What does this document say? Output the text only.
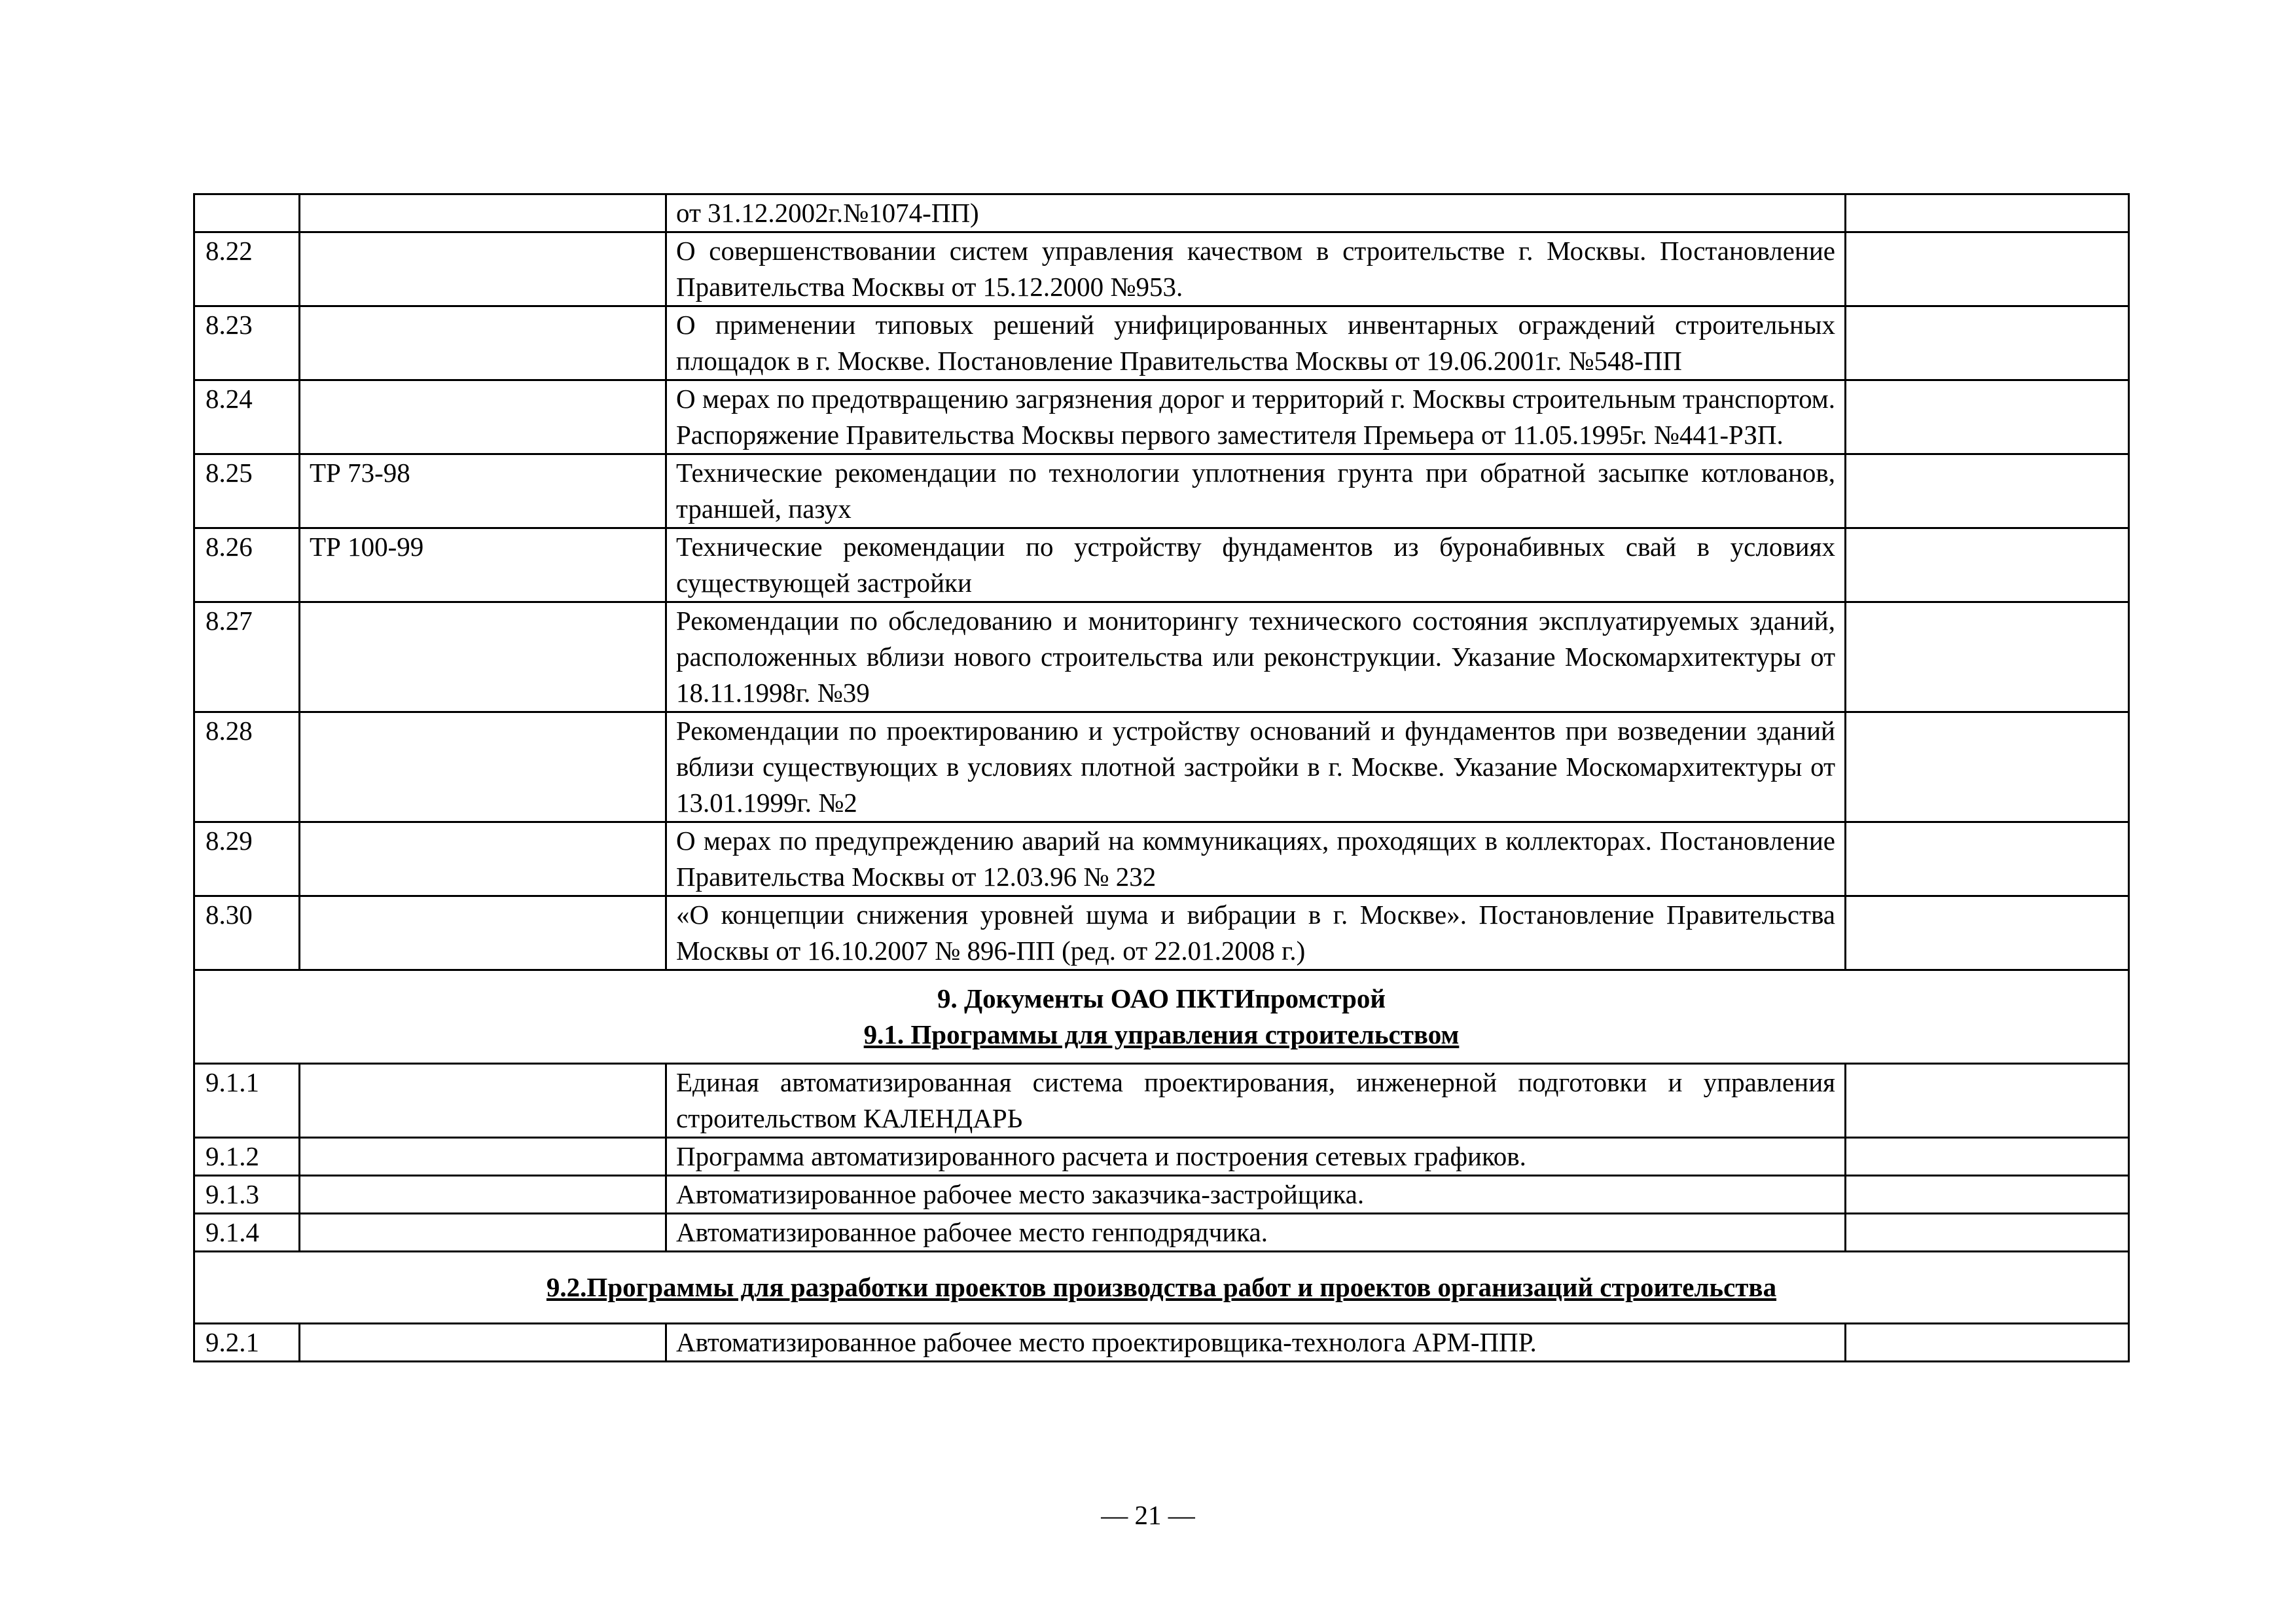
		от 31.12.2002г.№1074-ПП)	
8.22		О совершенствовании систем управления качеством в строительстве г. Москвы. Постановление Правительства Москвы от 15.12.2000 №953.	
8.23		О применении типовых решений унифицированных инвентарных ограждений строительных площадок в г. Москве. Постановление Правительства Москвы от 19.06.2001г. №548-ПП	
8.24		О мерах по предотвращению загрязнения дорог и территорий г. Москвы строительным транспортом. Распоряжение Правительства Москвы первого заместителя Премьера от 11.05.1995г. №441-РЗП.	
8.25	ТР 73-98	Технические рекомендации по технологии уплотнения грунта при обратной засыпке котлованов, траншей, пазух	
8.26	ТР 100-99	Технические рекомендации по устройству фундаментов из буронабивных свай в условиях существующей застройки	
8.27		Рекомендации по обследованию и мониторингу технического состояния эксплуатируемых зданий, расположенных вблизи нового строительства или реконструкции. Указание Москомархитектуры от 18.11.1998г. №39	
8.28		Рекомендации по проектированию и устройству оснований и фундаментов при возведении зданий вблизи существующих в условиях плотной застройки в г. Москве. Указание Москомархитектуры от 13.01.1999г. №2	
8.29		О мерах по предупреждению аварий на коммуникациях, проходящих в коллекторах. Постановление Правительства Москвы от 12.03.96 № 232	
8.30		«О концепции снижения уровней шума и вибрации в г. Москве». Постановление Правительства Москвы от 16.10.2007 № 896-ПП (ред. от 22.01.2008 г.)	

9. Документы ОАО ПКТИпромстрой
9.1. Программы для управления строительством			

9.1.1		Единая автоматизированная система проектирования, инженерной подготовки и управления строительством КАЛЕНДАРЬ	
9.1.2		Программа автоматизированного расчета и построения сетевых графиков.	
9.1.3		Автоматизированное рабочее место заказчика-застройщика.	
9.1.4		Автоматизированное рабочее место генподрядчика.	

9.2.Программы для разработки проектов производства работ и проектов организаций строительства			

9.2.1		Автоматизированное рабочее место проектировщика-технолога АРМ-ППР.	
— 21 —
